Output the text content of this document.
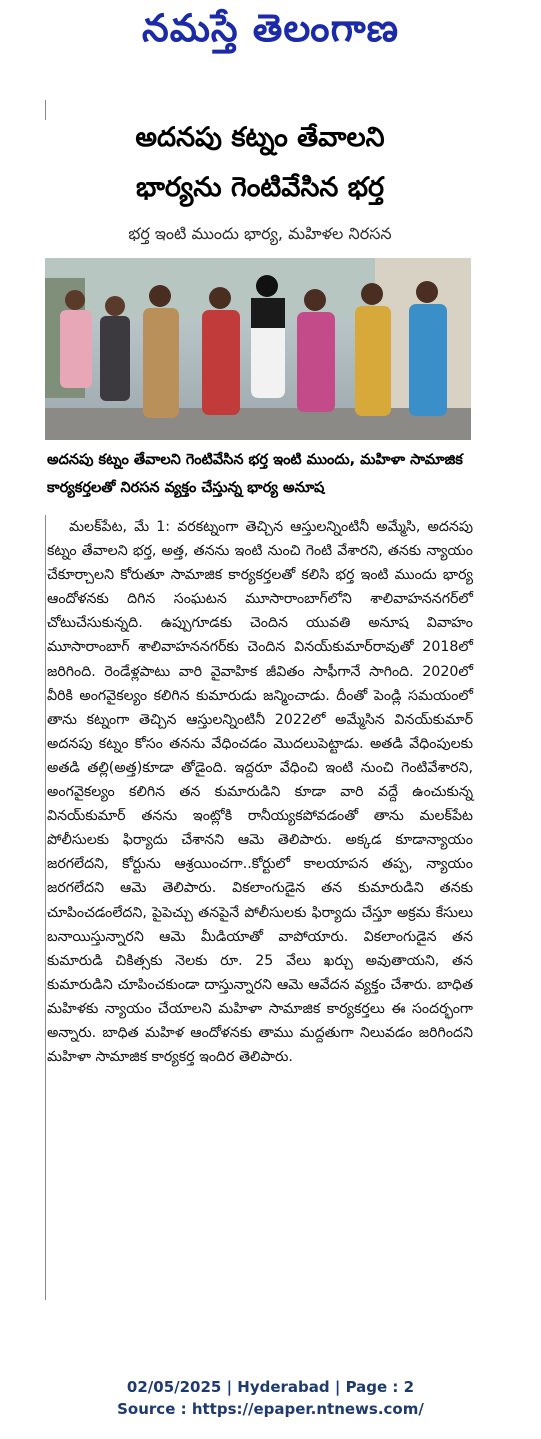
నమస్తే తెలంగాణ
అదనపు కట్నం తేవాలని
భార్యను గెంటివేసిన భర్త
భర్త ఇంటి ముందు భార్య, మహిళల నిరసన
అదనపు కట్నం తేవాలని గెంటివేసిన భర్త ఇంటి ముందు, మహిళా సామాజిక కార్యకర్తలతో నిరసన వ్యక్తం చేస్తున్న భార్య అనూష

మలక్‌పేట, మే 1: వరకట్నంగా తెచ్చిన ఆస్తులన్నింటినీ అమ్మేసి, అదనపు కట్నం తేవాలని భర్త, అత్త, తనను ఇంటి నుంచి గెంటి వేశారని, తనకు న్యాయం చేకూర్చాలని కోరుతూ సామాజిక కార్యకర్తలతో కలిసి భర్త ఇంటి ముందు భార్య ఆందోళనకు దిగిన సంఘటన మూసారాంబాగ్‌లోని శాలివాహననగర్‌లో చోటుచేసుకున్నది. ఉప్పుగూడకు చెందిన యువతి అనూష వివాహం మూసారాంబాగ్ శాలివాహననగర్‌కు చెందిన వినయ్‌కుమార్‌రావుతో 2018లో జరిగింది. రెండేళ్లపాటు వారి వైవాహిక జీవితం సాఫీగానే సాగింది. 2020లో వీరికి అంగవైకల్యం కలిగిన కుమారుడు జన్మించాడు. దీంతో పెండ్లి సమయంలో తాను కట్నంగా తెచ్చిన ఆస్తులన్నింటినీ 2022లో అమ్మేసిన వినయ్‌కుమార్ అదనపు కట్నం కోసం తనను వేధించడం మొదలుపెట్టాడు. అతడి వేధింపులకు అతడి తల్లి(అత్త)కూడా తోడైంది. ఇద్దరూ వేధించి ఇంటి నుంచి గెంటివేశారని, అంగవైకల్యం కలిగిన తన కుమారుడిని కూడా వారి వద్దే ఉంచుకున్న వినయ్‌కుమార్ తనను ఇంట్లోకి రానీయ్యకపోవడంతో తాను మలక్‌పేట పోలీసులకు ఫిర్యాదు చేశానని ఆమె తెలిపారు. అక్కడ కూడాన్యాయం జరగలేదని, కోర్టును ఆశ్రయించగా..కోర్టులో కాలయాపన తప్ప, న్యాయం జరగలేదని ఆమె తెలిపారు. వికలాంగుడైన తన కుమారుడిని తనకు చూపించడంలేదని, పైపెచ్చు తనపైనే పోలీసులకు ఫిర్యాదు చేస్తూ అక్రమ కేసులు బనాయిస్తున్నారని ఆమె మీడియాతో వాపోయారు. వికలాంగుడైన తన కుమారుడి చికిత్సకు నెలకు రూ. 25 వేలు ఖర్చు అవుతాయని, తన కుమారుడిని చూపించకుండా దాస్తున్నారని ఆమె ఆవేదన వ్యక్తం చేశారు. బాధిత మహిళకు న్యాయం చేయాలని మహిళా సామాజిక కార్యకర్తలు ఈ సందర్భంగా అన్నారు. బాధిత మహిళ ఆందోళనకు తాము మద్దతుగా నిలువడం జరిగిందని మహిళా సామాజిక కార్యకర్త ఇందిర తెలిపారు.

02/05/2025 | Hyderabad | Page : 2
Source : https://epaper.ntnews.com/
